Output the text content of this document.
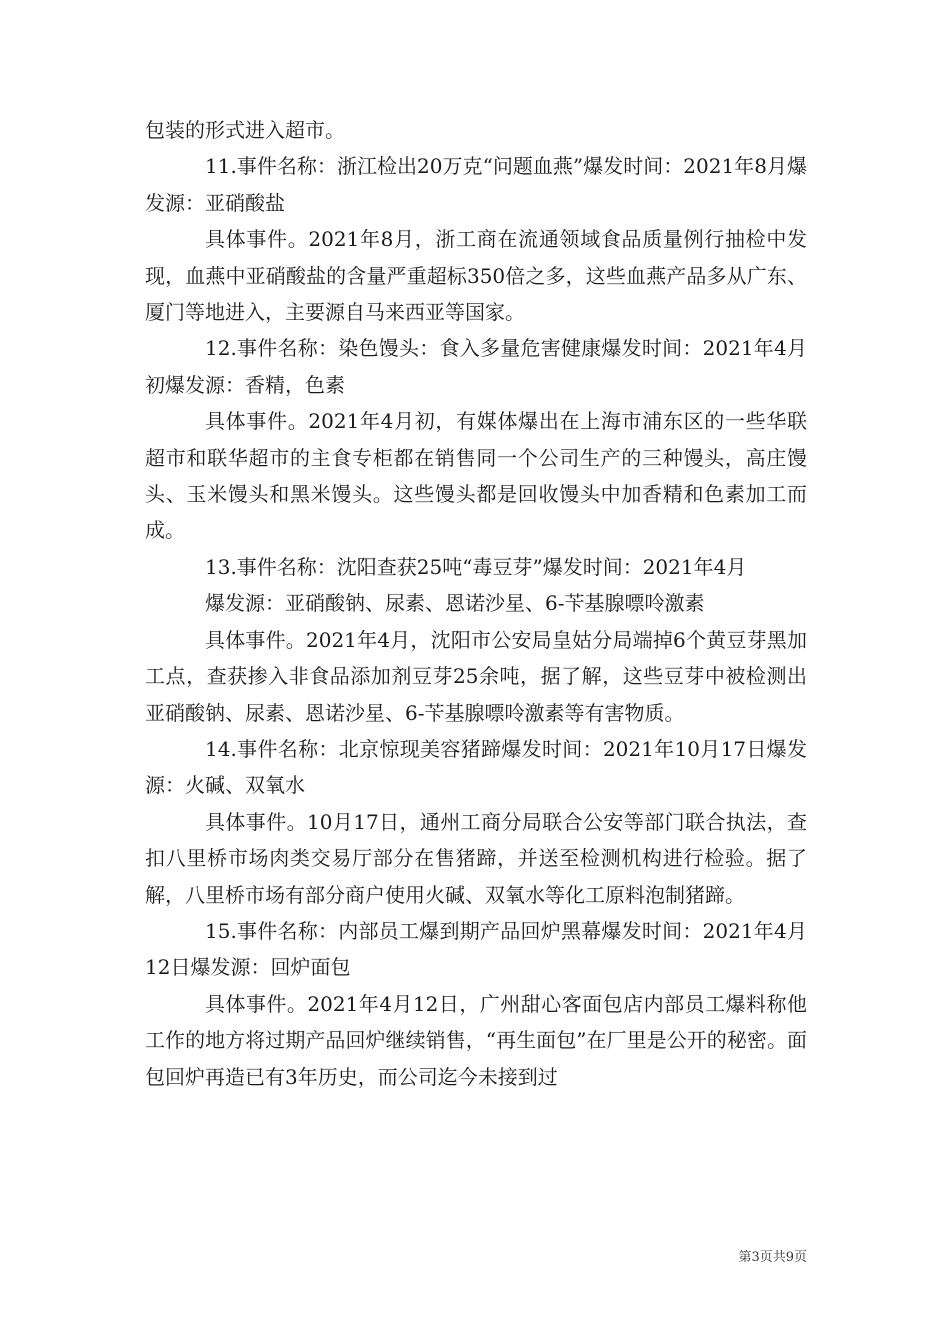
包装的形式进入超市。

11.事件名称：浙江检出20万克“问题血燕”爆发时间：2021年8月爆发源：亚硝酸盐

具体事件。2021年8月，浙工商在流通领域食品质量例行抽检中发现，血燕中亚硝酸盐的含量严重超标350倍之多，这些血燕产品多从广东、厦门等地进入，主要源自马来西亚等国家。

12.事件名称：染色馒头：食入多量危害健康爆发时间：2021年4月初爆发源：香精，色素

具体事件。2021年4月初，有媒体爆出在上海市浦东区的一些华联超市和联华超市的主食专柜都在销售同一个公司生产的三种馒头，高庄馒头、玉米馒头和黑米馒头。这些馒头都是回收馒头中加香精和色素加工而成。

13.事件名称：沈阳查获25吨“毒豆芽”爆发时间：2021年4月

爆发源：亚硝酸钠、尿素、恩诺沙星、6-苄基腺嘌呤激素

具体事件。2021年4月，沈阳市公安局皇姑分局端掉6个黄豆芽黑加工点，查获掺入非食品添加剂豆芽25余吨，据了解，这些豆芽中被检测出亚硝酸钠、尿素、恩诺沙星、6-苄基腺嘌呤激素等有害物质。

14.事件名称：北京惊现美容猪蹄爆发时间：2021年10月17日爆发源：火碱、双氧水

具体事件。10月17日，通州工商分局联合公安等部门联合执法，查扣八里桥市场肉类交易厅部分在售猪蹄，并送至检测机构进行检验。据了解，八里桥市场有部分商户使用火碱、双氧水等化工原料泡制猪蹄。

15.事件名称：内部员工爆到期产品回炉黑幕爆发时间：2021年4月12日爆发源：回炉面包

具体事件。2021年4月12日，广州甜心客面包店内部员工爆料称他工作的地方将过期产品回炉继续销售，“再生面包”在厂里是公开的秘密。面包回炉再造已有3年历史，而公司迄今未接到过

第3页共9页
